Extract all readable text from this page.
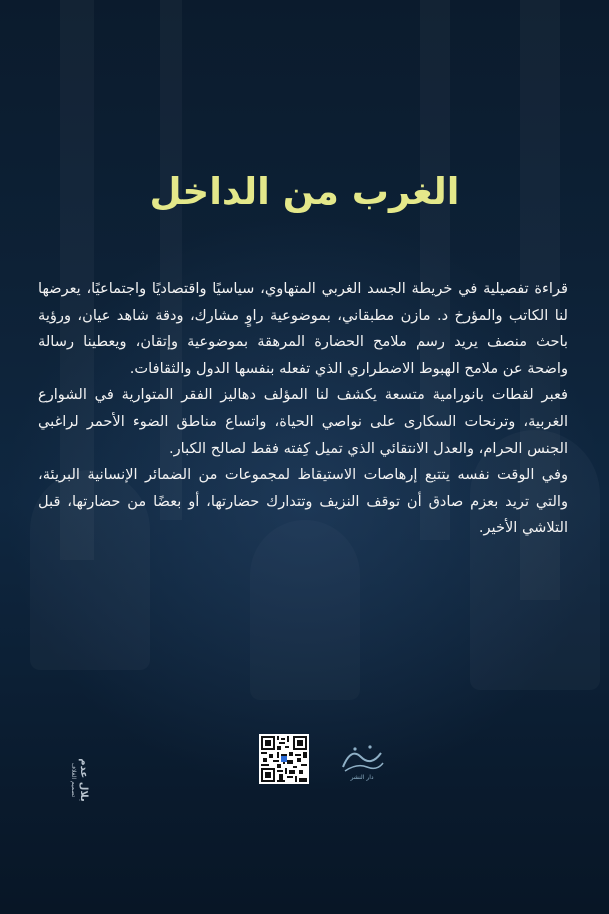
الغرب من الداخل

قراءة تفصيلية في خريطة الجسد الغربي المتهاوي، سياسيًا واقتصاديًا واجتماعيًا، يعرضها لنا الكاتب والمؤرخ د. مازن مطبقاني، بموضوعية راوٍ مشارك، ودقة شاهد عيان، ورؤية باحث منصف يريد رسم ملامح الحضارة المرهقة بموضوعية وإتقان، ويعطينا رسالة واضحة عن ملامح الهبوط الاضطراري الذي تفعله بنفسها الدول والثقافات.

فعبر لقطات بانورامية متسعة يكشف لنا المؤلف دهاليز الفقر المتوارية في الشوارع الغربية، وترنحات السكارى على نواصي الحياة، واتساع مناطق الضوء الأحمر لراغبي الجنس الحرام، والعدل الانتقائي الذي تميل كِفته فقط لصالح الكبار.

وفي الوقت نفسه يتتبع إرهاصات الاستيقاظ لمجموعات من الضمائر الإنسانية البريئة، والتي تريد بعزم صادق أن توقف النزيف وتتدارك حضارتها، أو بعضًا من حضارتها، قبل التلاشي الأخير.

دار النشر
بلال عدم
تصميم الغلاف
